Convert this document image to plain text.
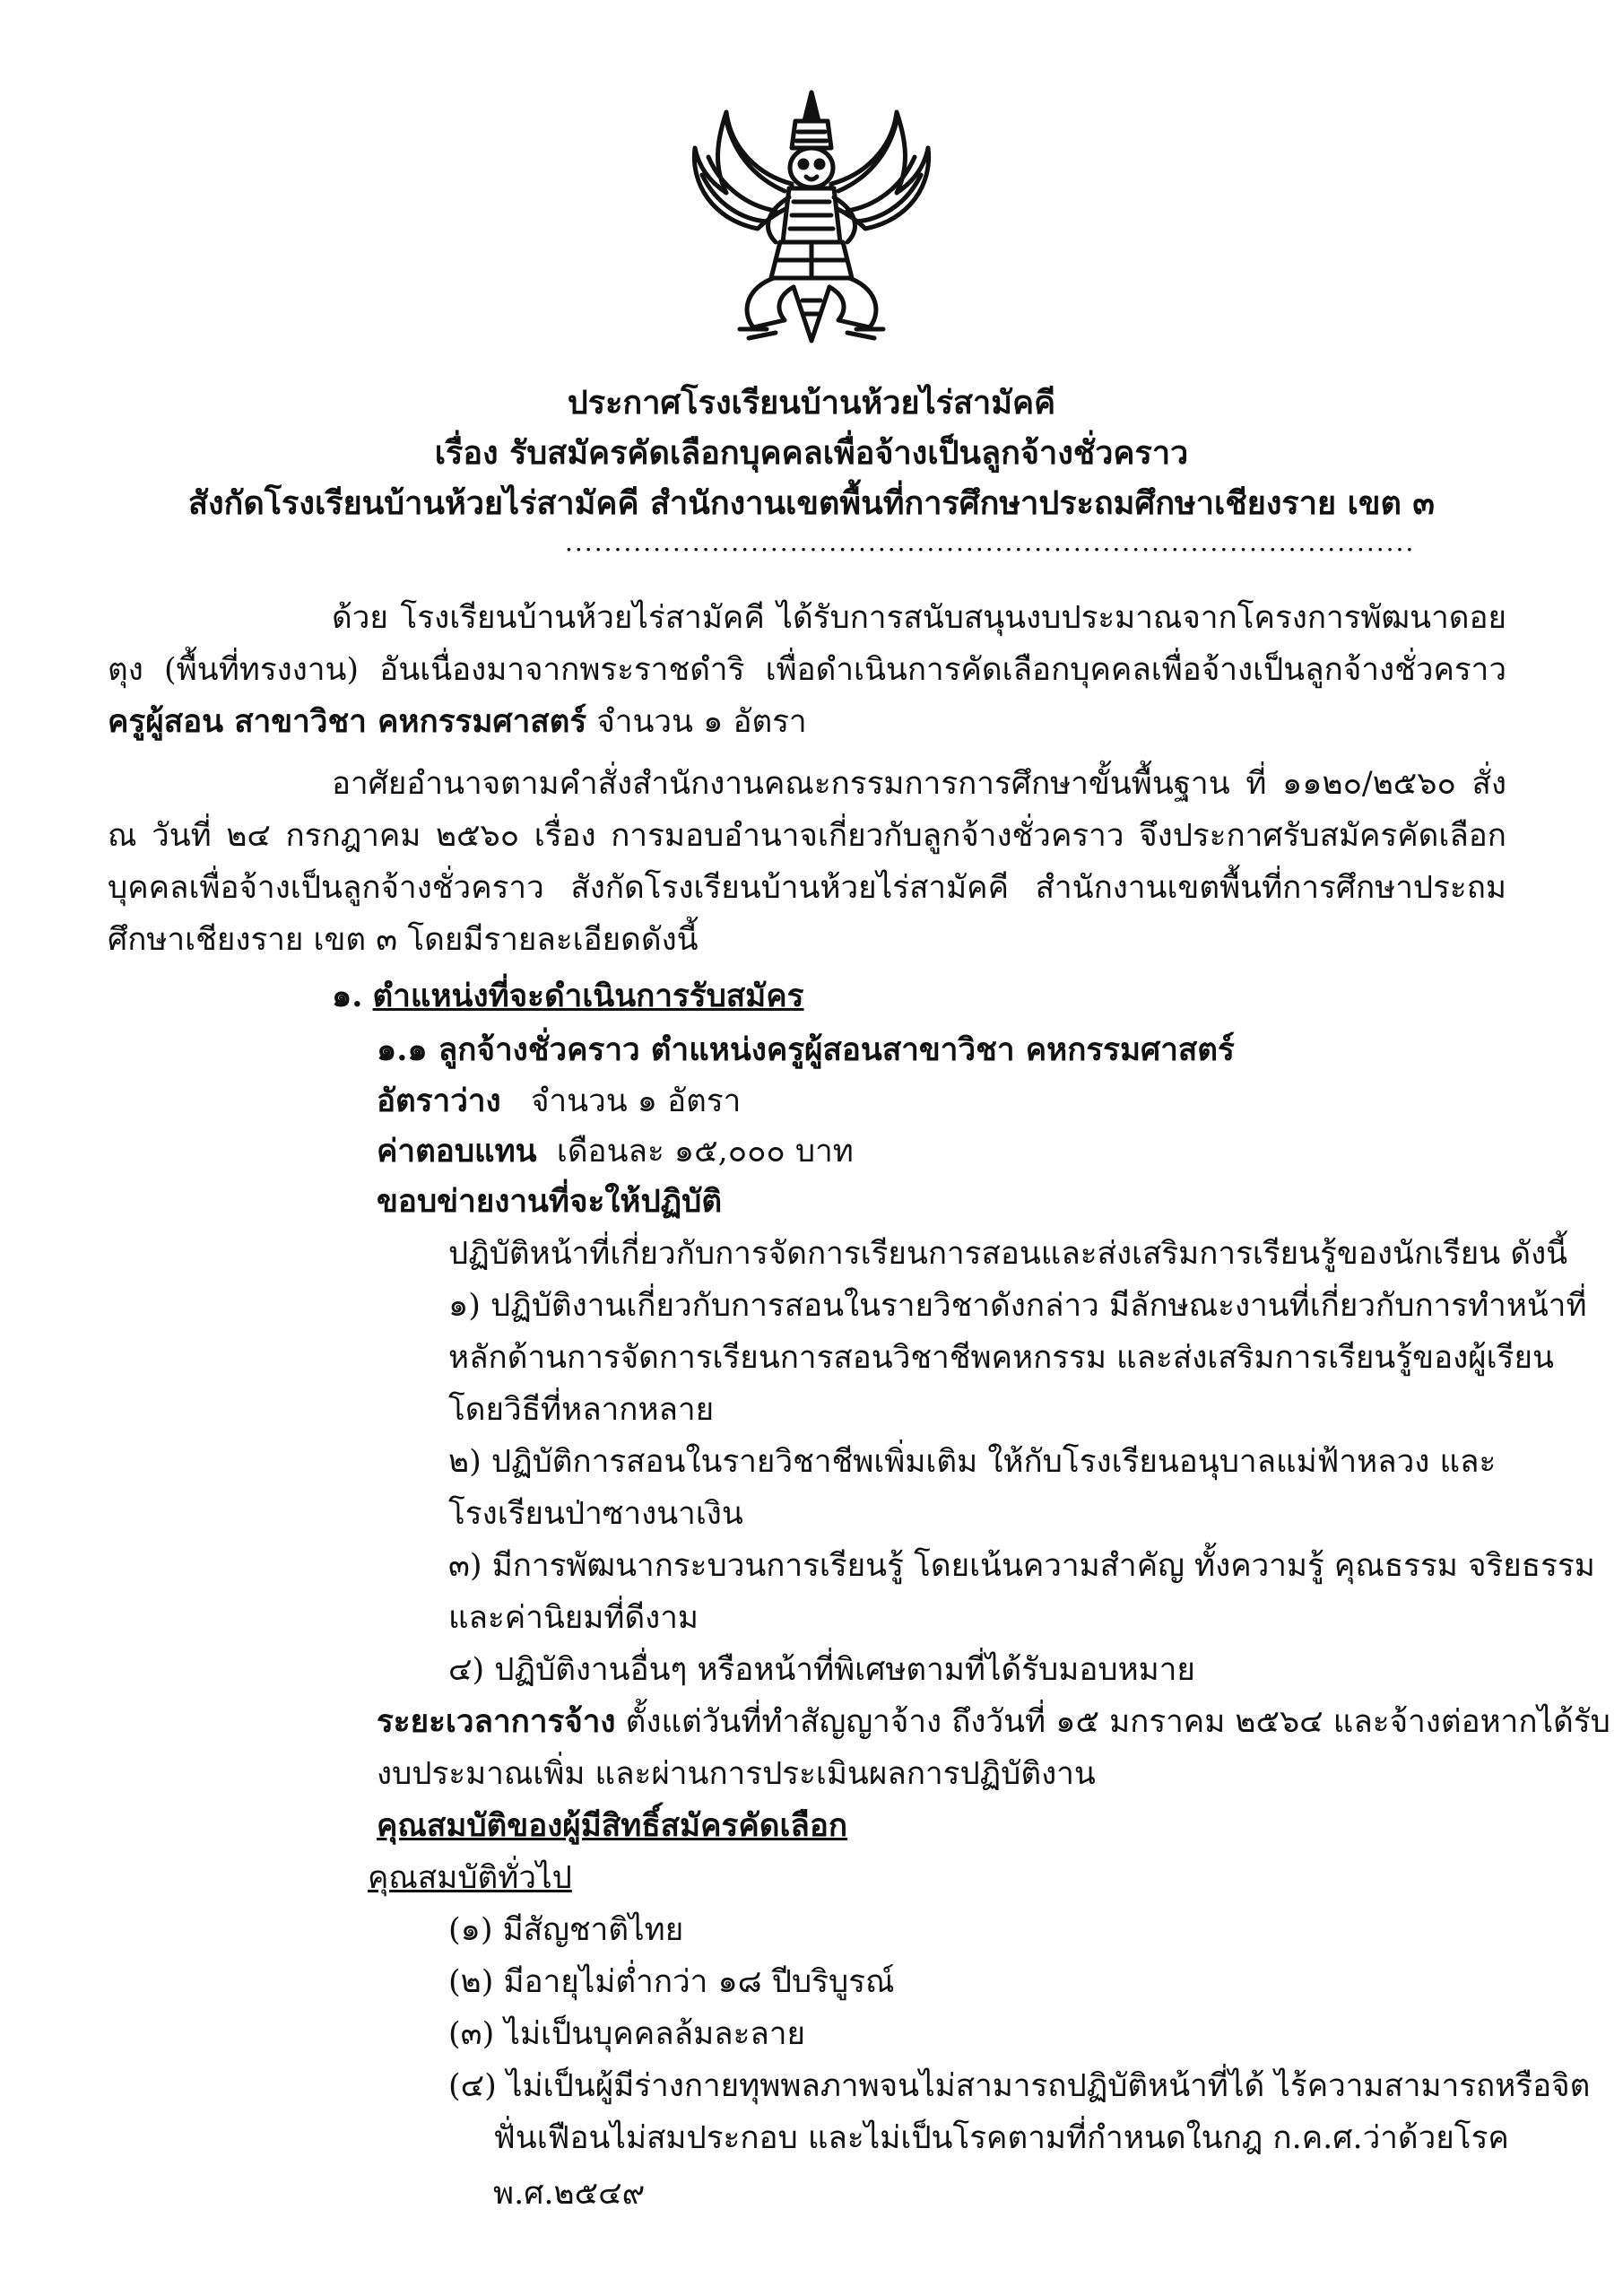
ประกาศโรงเรียนบ้านห้วยไร่สามัคคี
เรื่อง รับสมัครคัดเลือกบุคคลเพื่อจ้างเป็นลูกจ้างชั่วคราว
สังกัดโรงเรียนบ้านห้วยไร่สามัคคี สำนักงานเขตพื้นที่การศึกษาประถมศึกษาเชียงราย เขต ๓
.......................................................................................
ด้วย โรงเรียนบ้านห้วยไร่สามัคคี ได้รับการสนับสนุนงบประมาณจากโครงการพัฒนาดอยตุง (พื้นที่ทรงงาน) อันเนื่องมาจากพระราชดำริ เพื่อดำเนินการคัดเลือกบุคคลเพื่อจ้างเป็นลูกจ้างชั่วคราว ครูผู้สอน สาขาวิชา คหกรรมศาสตร์ จำนวน ๑ อัตรา
อาศัยอำนาจตามคำสั่งสำนักงานคณะกรรมการการศึกษาขั้นพื้นฐาน ที่ ๑๑๒๐/๒๕๖๐ สั่ง ณ วันที่ ๒๔ กรกฎาคม ๒๕๖๐ เรื่อง การมอบอำนาจเกี่ยวกับลูกจ้างชั่วคราว จึงประกาศรับสมัครคัดเลือกบุคคลเพื่อจ้างเป็นลูกจ้างชั่วคราว สังกัดโรงเรียนบ้านห้วยไร่สามัคคี สำนักงานเขตพื้นที่การศึกษาประถมศึกษาเชียงราย เขต ๓ โดยมีรายละเอียดดังนี้
๑. ตำแหน่งที่จะดำเนินการรับสมัคร
๑.๑ ลูกจ้างชั่วคราว ตำแหน่งครูผู้สอนสาขาวิชา คหกรรมศาสตร์
อัตราว่าง จำนวน ๑ อัตรา
ค่าตอบแทน เดือนละ ๑๕,๐๐๐ บาท
ขอบข่ายงานที่จะให้ปฏิบัติ
ปฏิบัติหน้าที่เกี่ยวกับการจัดการเรียนการสอนและส่งเสริมการเรียนรู้ของนักเรียน ดังนี้
๑) ปฏิบัติงานเกี่ยวกับการสอนในรายวิชาดังกล่าว มีลักษณะงานที่เกี่ยวกับการทำหน้าที่
หลักด้านการจัดการเรียนการสอนวิชาชีพคหกรรม และส่งเสริมการเรียนรู้ของผู้เรียน
โดยวิธีที่หลากหลาย
๒) ปฏิบัติการสอนในรายวิชาชีพเพิ่มเติม ให้กับโรงเรียนอนุบาลแม่ฟ้าหลวง และ
โรงเรียนป่าซางนาเงิน
๓) มีการพัฒนากระบวนการเรียนรู้ โดยเน้นความสำคัญ ทั้งความรู้ คุณธรรม จริยธรรม
และค่านิยมที่ดีงาม
๔) ปฏิบัติงานอื่นๆ หรือหน้าที่พิเศษตามที่ได้รับมอบหมาย
ระยะเวลาการจ้าง ตั้งแต่วันที่ทำสัญญาจ้าง ถึงวันที่ ๑๕ มกราคม ๒๕๖๔ และจ้างต่อหากได้รับ
งบประมาณเพิ่ม และผ่านการประเมินผลการปฏิบัติงาน
คุณสมบัติของผู้มีสิทธิ์สมัครคัดเลือก
คุณสมบัติทั่วไป
(๑) มีสัญชาติไทย
(๒) มีอายุไม่ต่ำกว่า ๑๘ ปีบริบูรณ์
(๓) ไม่เป็นบุคคลล้มละลาย
(๔) ไม่เป็นผู้มีร่างกายทุพพลภาพจนไม่สามารถปฏิบัติหน้าที่ได้ ไร้ความสามารถหรือจิต
ฟั่นเฟือนไม่สมประกอบ และไม่เป็นโรคตามที่กำหนดในกฎ ก.ค.ศ.ว่าด้วยโรค
พ.ศ.๒๕๔๙
